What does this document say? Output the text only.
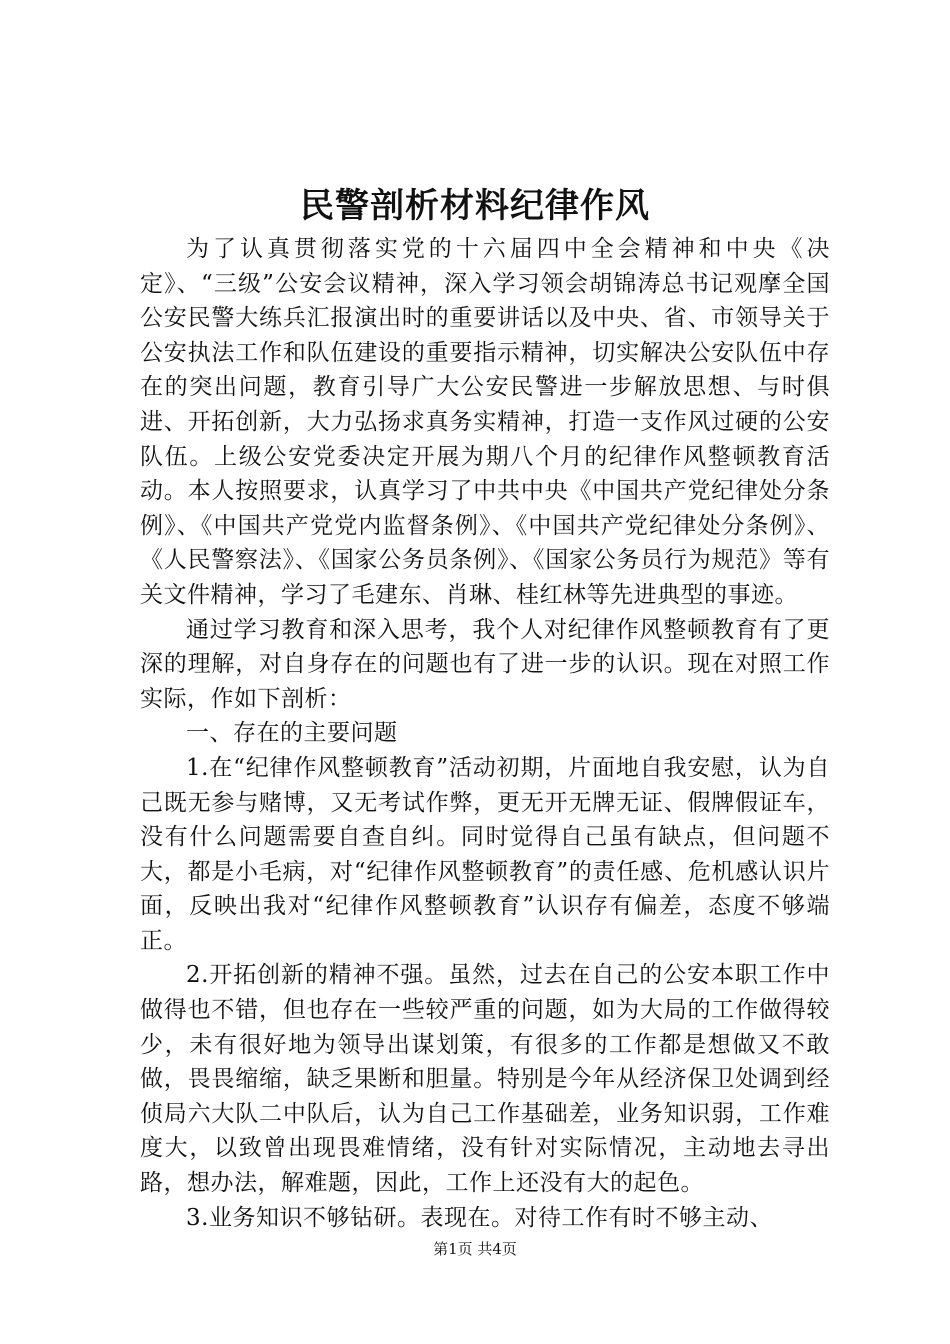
民警剖析材料纪律作风

为了认真贯彻落实党的十六届四中全会精神和中央《决定》、“三级”公安会议精神，深入学习领会胡锦涛总书记观摩全国公安民警大练兵汇报演出时的重要讲话以及中央、省、市领导关于公安执法工作和队伍建设的重要指示精神，切实解决公安队伍中存在的突出问题，教育引导广大公安民警进一步解放思想、与时俱进、开拓创新，大力弘扬求真务实精神，打造一支作风过硬的公安队伍。上级公安党委决定开展为期八个月的纪律作风整顿教育活动。本人按照要求，认真学习了中共中央《中国共产党纪律处分条例》、《中国共产党党内监督条例》、《中国共产党纪律处分条例》、《人民警察法》、《国家公务员条例》、《国家公务员行为规范》等有关文件精神，学习了毛建东、肖琳、桂红林等先进典型的事迹。

通过学习教育和深入思考，我个人对纪律作风整顿教育有了更深的理解，对自身存在的问题也有了进一步的认识。现在对照工作实际，作如下剖析：

一、存在的主要问题

1.在“纪律作风整顿教育”活动初期，片面地自我安慰，认为自己既无参与赌博，又无考试作弊，更无开无牌无证、假牌假证车，没有什么问题需要自查自纠。同时觉得自己虽有缺点，但问题不大，都是小毛病，对“纪律作风整顿教育”的责任感、危机感认识片面，反映出我对“纪律作风整顿教育”认识存有偏差，态度不够端正。

2.开拓创新的精神不强。虽然，过去在自己的公安本职工作中做得也不错，但也存在一些较严重的问题，如为大局的工作做得较少，未有很好地为领导出谋划策，有很多的工作都是想做又不敢做，畏畏缩缩，缺乏果断和胆量。特别是今年从经济保卫处调到经侦局六大队二中队后，认为自己工作基础差，业务知识弱，工作难度大，以致曾出现畏难情绪，没有针对实际情况，主动地去寻出路，想办法，解难题，因此，工作上还没有大的起色。

3.业务知识不够钻研。表现在。对待工作有时不够主动、

第1页 共4页
